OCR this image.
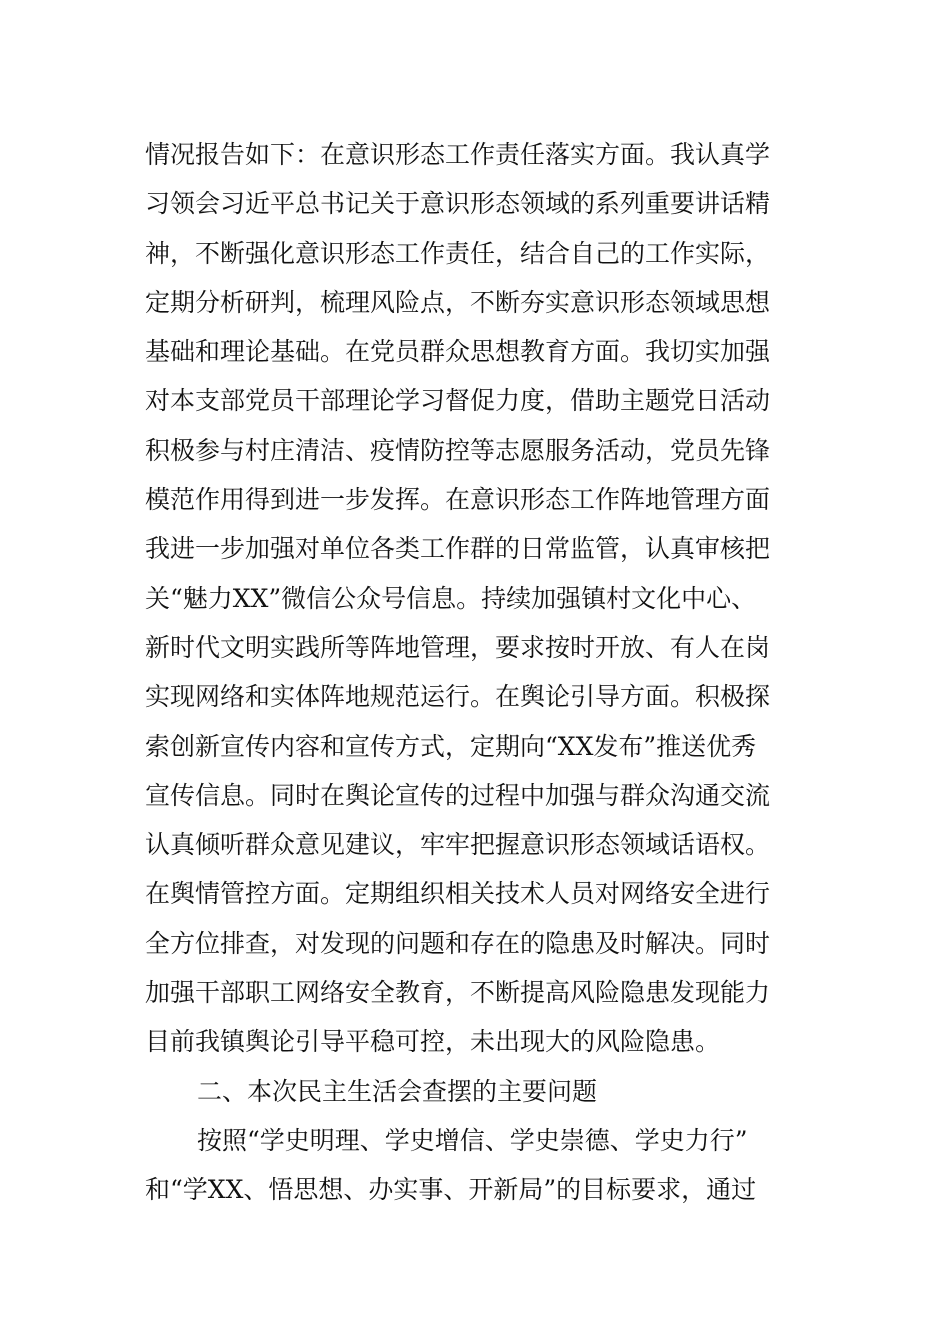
情况报告如下：在意识形态工作责任落实方面。我认真学
习领会习近平总书记关于意识形态领域的系列重要讲话精
神，不断强化意识形态工作责任，结合自己的工作实际，
定期分析研判，梳理风险点，不断夯实意识形态领域思想
基础和理论基础。在党员群众思想教育方面。我切实加强
对本支部党员干部理论学习督促力度，借助主题党日活动
积极参与村庄清洁、疫情防控等志愿服务活动，党员先锋
模范作用得到进一步发挥。在意识形态工作阵地管理方面
我进一步加强对单位各类工作群的日常监管，认真审核把
关“魅力XX”微信公众号信息。持续加强镇村文化中心、
新时代文明实践所等阵地管理，要求按时开放、有人在岗
实现网络和实体阵地规范运行。在舆论引导方面。积极探
索创新宣传内容和宣传方式，定期向“XX发布”推送优秀
宣传信息。同时在舆论宣传的过程中加强与群众沟通交流
认真倾听群众意见建议，牢牢把握意识形态领域话语权。
在舆情管控方面。定期组织相关技术人员对网络安全进行
全方位排查，对发现的问题和存在的隐患及时解决。同时
加强干部职工网络安全教育，不断提高风险隐患发现能力
目前我镇舆论引导平稳可控，未出现大的风险隐患。
二、本次民主生活会查摆的主要问题
按照“学史明理、学史增信、学史崇德、学史力行”
和“学XX、悟思想、办实事、开新局”的目标要求，通过
